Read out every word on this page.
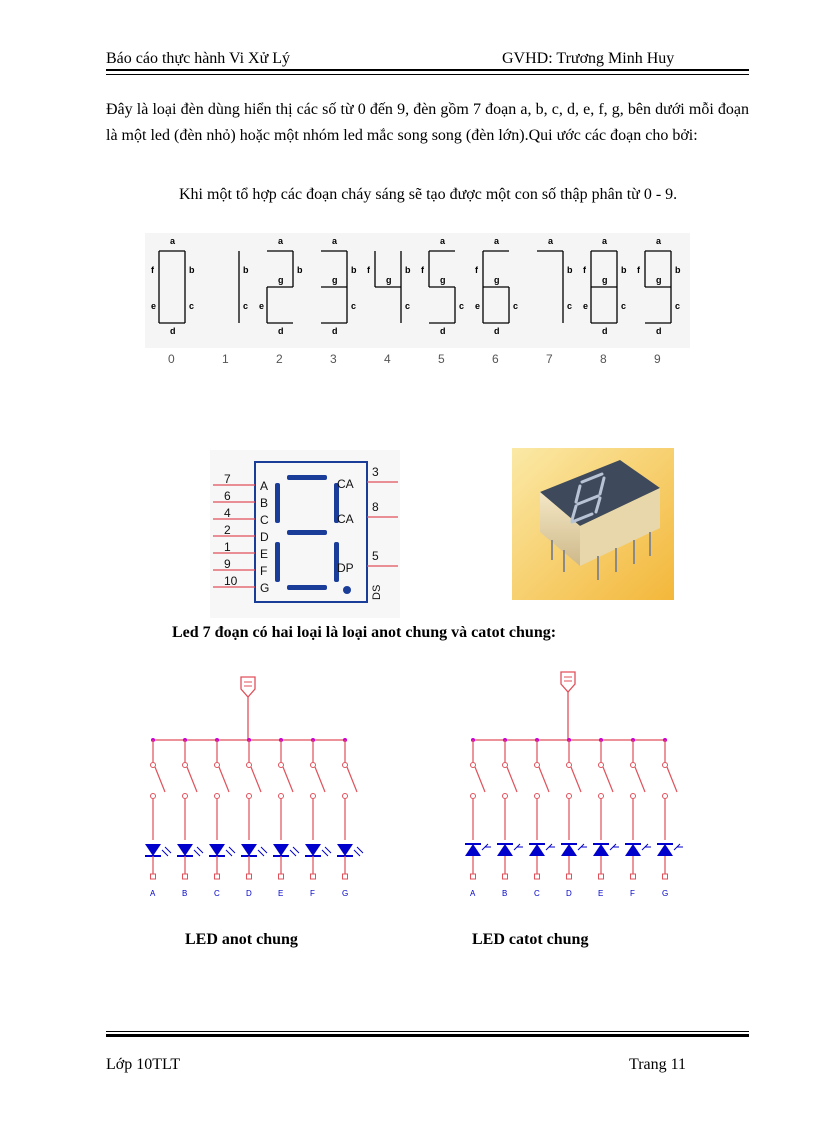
Báo cáo thực hành Vi Xử Lý	GVHD: Trương Minh Huy

Đây là loại đèn dùng hiển thị các số từ 0 đến 9, đèn gồm 7 đoạn a, b, c, d, e, f, g, bên dưới mỗi đoạn là một led (đèn nhỏ) hoặc một nhóm led mắc song song (đèn lớn).Qui ước các đoạn cho bởi:

Khi một tổ hợp các đoạn cháy sáng sẽ tạo được một con số thập phân từ 0 - 9.

a
b
c
d
e
f	b
c
a
b
d
e
g
a
b
c
d
g
b
c
f
g
a
c
d
f
g
a
c
d
e
f
g
a
b
c
a
b
c
d
e
f
g
a
b
c
d
f
g
0	1	2	3	4	5	6	7	8	9
7 A
6 B
4 C
2 D
1 E
9 F
10 G
CA
3
CA
8
DP
5
DS
Led 7 đoạn có hai loại là loại anot chung và catot chung:
A	B	C	D	E	F	G	A	B	C	D	E	F	G
LED anot chung	LED catot chung
Lớp 10TLT	Trang 11
